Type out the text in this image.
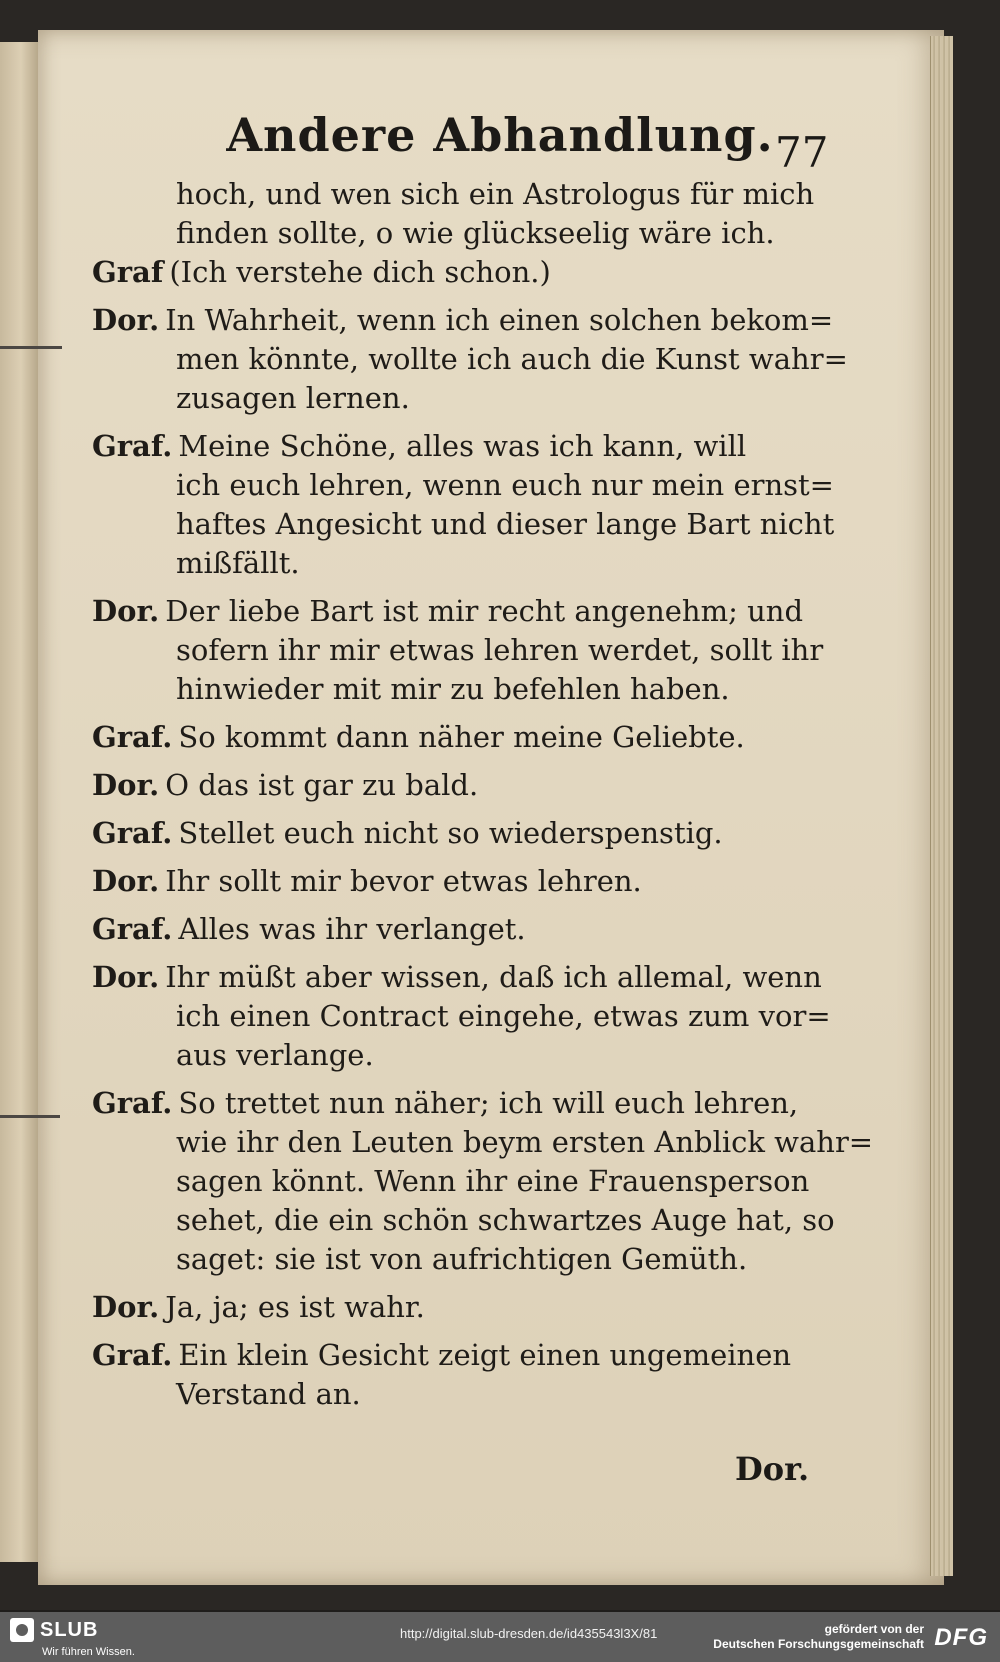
Andere Abhandlung. 77
hoch, und wen sich ein Astrologus für mich
finden sollte, o wie glückseelig wäre ich.
Graf (Ich verstehe dich schon.)
Dor. In Wahrheit, wenn ich einen solchen bekom=
men könnte, wollte ich auch die Kunst wahr=
zusagen lernen.
Graf. Meine Schöne, alles was ich kann, will
ich euch lehren, wenn euch nur mein ernst=
haftes Angesicht und dieser lange Bart nicht
mißfällt.
Dor. Der liebe Bart ist mir recht angenehm; und
sofern ihr mir etwas lehren werdet, sollt ihr
hinwieder mit mir zu befehlen haben.
Graf. So kommt dann näher meine Geliebte.
Dor. O das ist gar zu bald.
Graf. Stellet euch nicht so wiederspenstig.
Dor. Ihr sollt mir bevor etwas lehren.
Graf. Alles was ihr verlanget.
Dor. Ihr müßt aber wissen, daß ich allemal, wenn
ich einen Contract eingehe, etwas zum vor=
aus verlange.
Graf. So trettet nun näher; ich will euch lehren,
wie ihr den Leuten beym ersten Anblick wahr=
sagen könnt. Wenn ihr eine Frauensperson
sehet, die ein schön schwartzes Auge hat, so
saget: sie ist von aufrichtigen Gemüth.
Dor. Ja, ja; es ist wahr.
Graf. Ein klein Gesicht zeigt einen ungemeinen
Verstand an.
Dor.
SLUB
Wir führen Wissen.
http://digital.slub-dresden.de/id435543l3X/81	gefördert von der
Deutschen Forschungsgemeinschaft DFG
